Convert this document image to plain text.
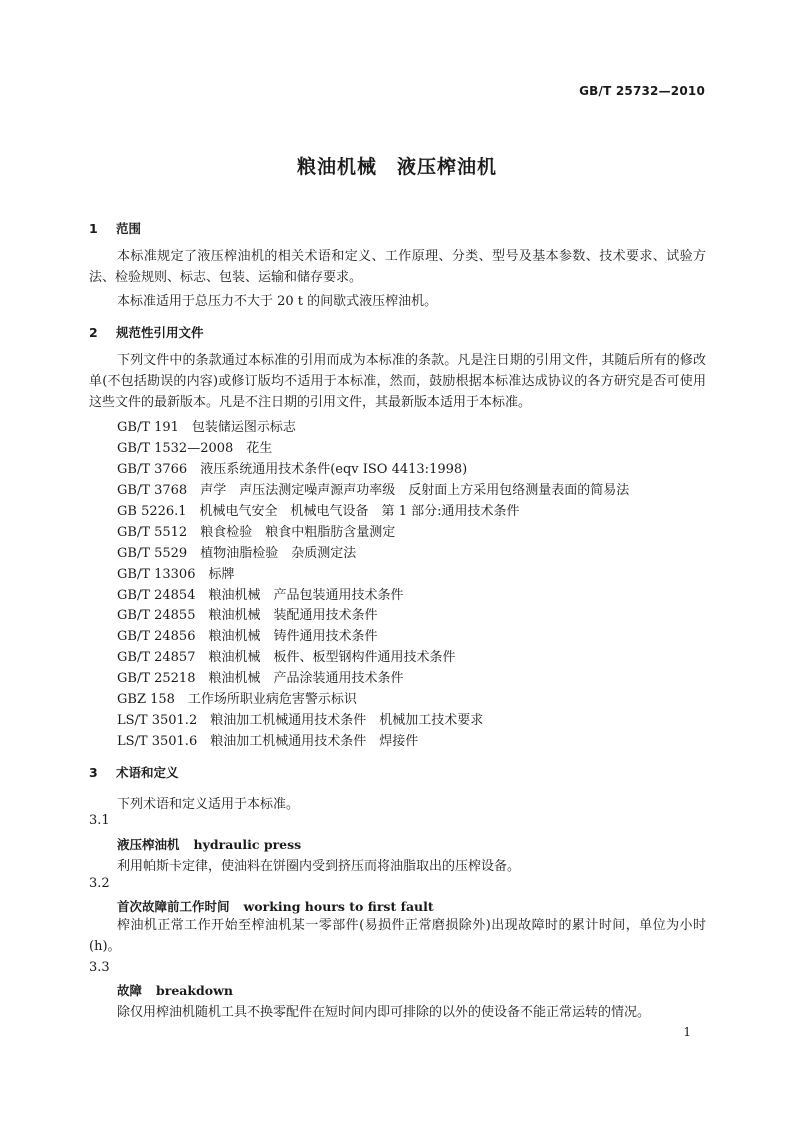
GB/T 25732—2010
粮油机械　液压榨油机
1 范围
本标准规定了液压榨油机的相关术语和定义、工作原理、分类、型号及基本参数、技术要求、试验方法、检验规则、标志、包装、运输和储存要求。
本标准适用于总压力不大于 20 t 的间歇式液压榨油机。
2 规范性引用文件
下列文件中的条款通过本标准的引用而成为本标准的条款。凡是注日期的引用文件，其随后所有的修改单(不包括勘误的内容)或修订版均不适用于本标准，然而，鼓励根据本标准达成协议的各方研究是否可使用这些文件的最新版本。凡是不注日期的引用文件，其最新版本适用于本标准。
GB/T 191　包装储运图示标志
GB/T 1532—2008　花生
GB/T 3766　液压系统通用技术条件(eqv ISO 4413:1998)
GB/T 3768　声学　声压法测定噪声源声功率级　反射面上方采用包络测量表面的简易法
GB 5226.1　机械电气安全　机械电气设备　第 1 部分:通用技术条件
GB/T 5512　粮食检验　粮食中粗脂肪含量测定
GB/T 5529　植物油脂检验　杂质测定法
GB/T 13306　标牌
GB/T 24854　粮油机械　产品包装通用技术条件
GB/T 24855　粮油机械　装配通用技术条件
GB/T 24856　粮油机械　铸件通用技术条件
GB/T 24857　粮油机械　板件、板型钢构件通用技术条件
GB/T 25218　粮油机械　产品涂装通用技术条件
GBZ 158　工作场所职业病危害警示标识
LS/T 3501.2　粮油加工机械通用技术条件　机械加工技术要求
LS/T 3501.6　粮油加工机械通用技术条件　焊接件
3 术语和定义
下列术语和定义适用于本标准。
3.1
液压榨油机 hydraulic press
利用帕斯卡定律，使油料在饼圈内受到挤压而将油脂取出的压榨设备。
3.2
首次故障前工作时间 working hours to first fault
榨油机正常工作开始至榨油机某一零部件(易损件正常磨损除外)出现故障时的累计时间，单位为小时(h)。
3.3
故障 breakdown
除仅用榨油机随机工具不换零配件在短时间内即可排除的以外的使设备不能正常运转的情况。
1
